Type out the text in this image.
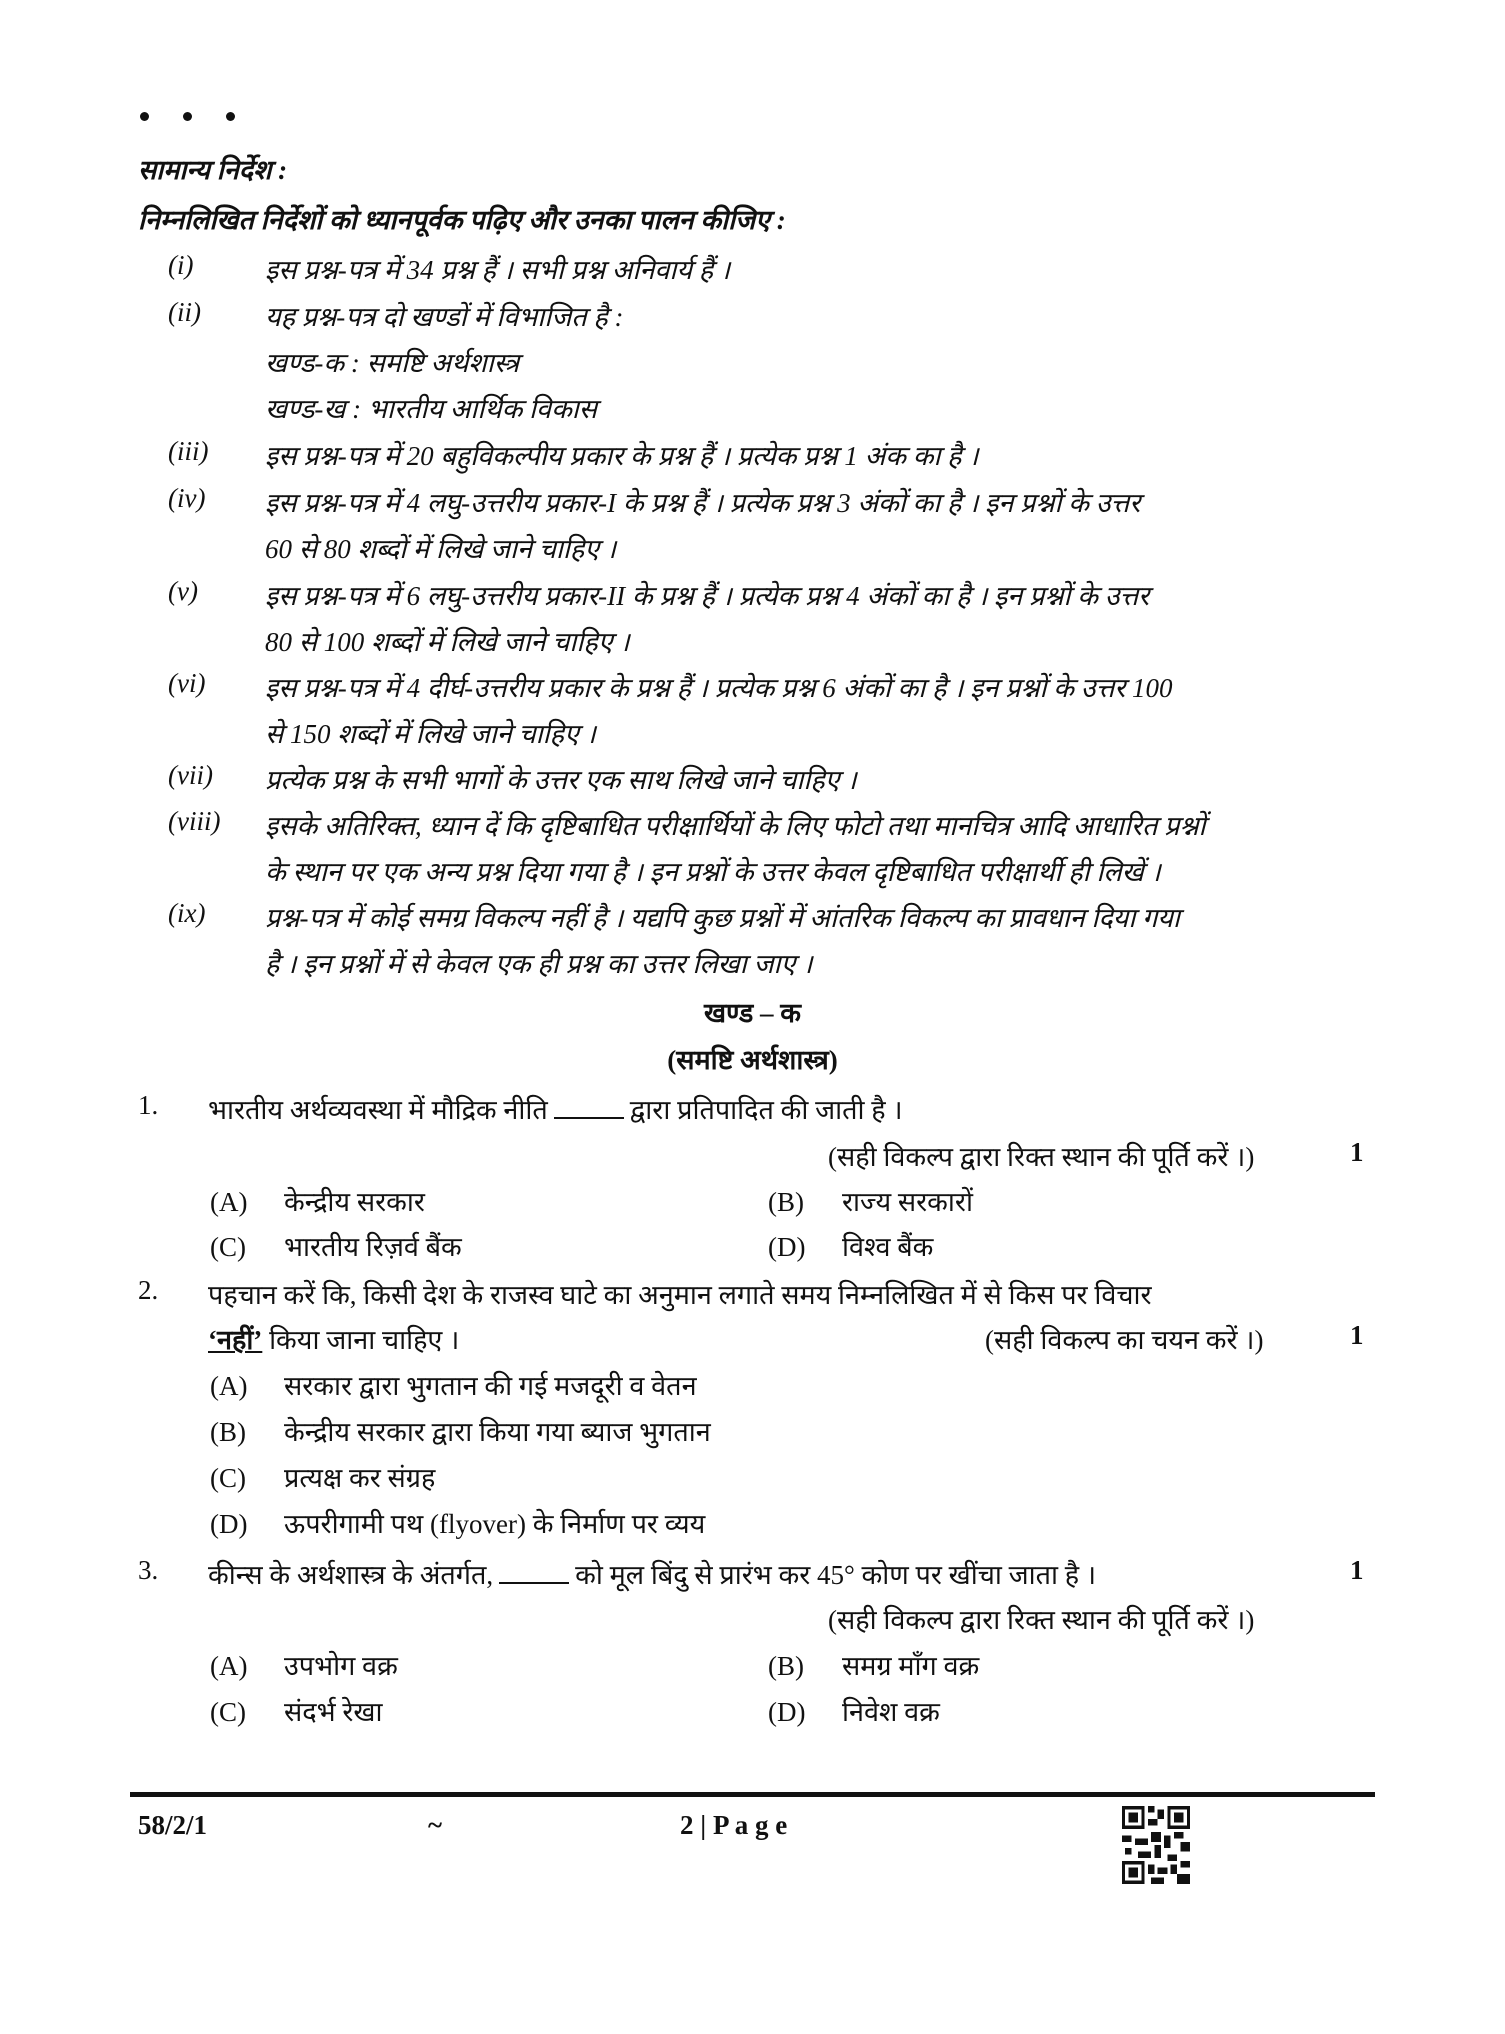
सामान्य निर्देश :
निम्नलिखित निर्देशों को ध्यानपूर्वक पढ़िए और उनका पालन कीजिए :
(i)	इस प्रश्न-पत्र में 34 प्रश्न हैं । सभी प्रश्न अनिवार्य हैं ।
(ii) यह प्रश्न-पत्र दो खण्डों में विभाजित है :
खण्ड-क : समष्टि अर्थशास्त्र
खण्ड-ख : भारतीय आर्थिक विकास
(iii) इस प्रश्न-पत्र में 20 बहुविकल्पीय प्रकार के प्रश्न हैं । प्रत्येक प्रश्न 1 अंक का है ।
(iv) इस प्रश्न-पत्र में 4 लघु-उत्तरीय प्रकार-I के प्रश्न हैं । प्रत्येक प्रश्न 3 अंकों का है । इन प्रश्नों के उत्तर
60 से 80 शब्दों में लिखे जाने चाहिए ।
(v) इस प्रश्न-पत्र में 6 लघु-उत्तरीय प्रकार-II के प्रश्न हैं । प्रत्येक प्रश्न 4 अंकों का है । इन प्रश्नों के उत्तर
80 से 100 शब्दों में लिखे जाने चाहिए ।
(vi) इस प्रश्न-पत्र में 4 दीर्घ-उत्तरीय प्रकार के प्रश्न हैं । प्रत्येक प्रश्न 6 अंकों का है । इन प्रश्नों के उत्तर 100
से 150 शब्दों में लिखे जाने चाहिए ।
(vii) प्रत्येक प्रश्न के सभी भागों के उत्तर एक साथ लिखे जाने चाहिए ।
(viii) इसके अतिरिक्त, ध्यान दें कि दृष्टिबाधित परीक्षार्थियों के लिए फोटो तथा मानचित्र आदि आधारित प्रश्नों
के स्थान पर एक अन्य प्रश्न दिया गया है । इन प्रश्नों के उत्तर केवल दृष्टिबाधित परीक्षार्थी ही लिखें ।
(ix) प्रश्न-पत्र में कोई समग्र विकल्प नहीं है । यद्यपि कुछ प्रश्नों में आंतरिक विकल्प का प्रावधान दिया गया
है । इन प्रश्नों में से केवल एक ही प्रश्न का उत्तर लिखा जाए ।
खण्ड – क
(समष्टि अर्थशास्त्र)
1. भारतीय अर्थव्यवस्था में मौद्रिक नीति	द्वारा प्रतिपादित की जाती है ।
(सही विकल्प द्वारा रिक्त स्थान की पूर्ति करें ।)	1
(A) केन्द्रीय सरकार	(B) राज्य सरकारों
(C) भारतीय रिज़र्व बैंक	(D) विश्व बैंक
2. पहचान करें कि, किसी देश के राजस्व घाटे का अनुमान लगाते समय निम्नलिखित में से किस पर विचार
‘नहीं’ किया जाना चाहिए ।	(सही विकल्प का चयन करें ।)	1
(A) सरकार द्वारा भुगतान की गई मजदूरी व वेतन
(B) केन्द्रीय सरकार द्वारा किया गया ब्याज भुगतान
(C) प्रत्यक्ष कर संग्रह
(D) ऊपरीगामी पथ (flyover) के निर्माण पर व्यय
3. कीन्स के अर्थशास्त्र के अंतर्गत,	को मूल बिंदु से प्रारंभ कर 45° कोण पर खींचा जाता है ।	1
(सही विकल्प द्वारा रिक्त स्थान की पूर्ति करें ।)
(A) उपभोग वक्र	(B) समग्र माँग वक्र
(C) संदर्भ रेखा	(D) निवेश वक्र
58/2/1	~	2 | P a g e
